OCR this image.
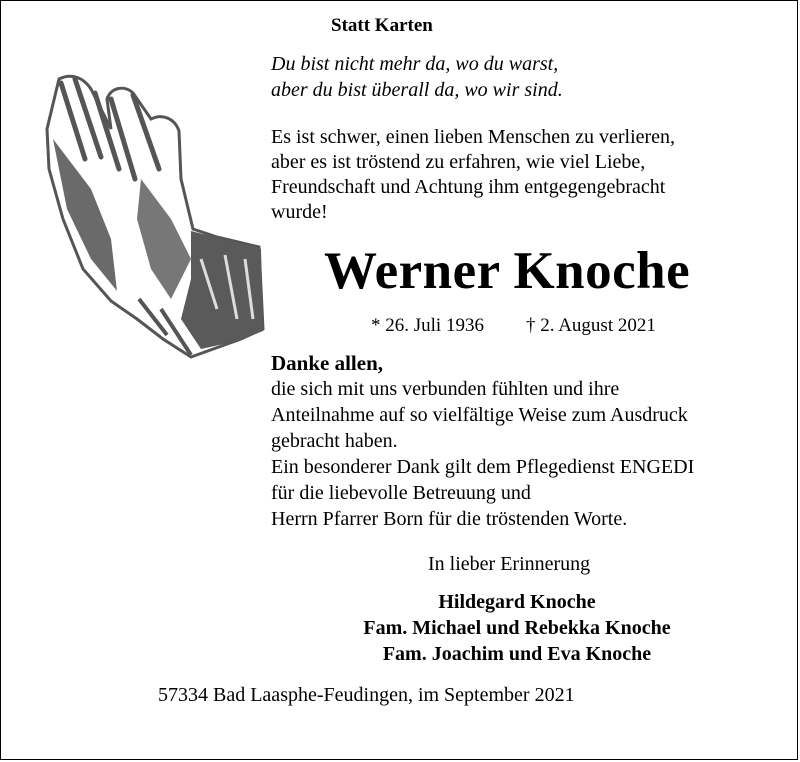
Statt Karten
Du bist nicht mehr da, wo du warst,
aber du bist überall da, wo wir sind.
Es ist schwer, einen lieben Menschen zu verlieren,
aber es ist tröstend zu erfahren, wie viel Liebe,
Freundschaft und Achtung ihm entgegengebracht
wurde!
Werner Knoche
* 26. Juli 1936 † 2. August 2021
Danke allen,
die sich mit uns verbunden fühlten und ihre
Anteilnahme auf so vielfältige Weise zum Ausdruck
gebracht haben.
Ein besonderer Dank gilt dem Pflegedienst ENGEDI
für die liebevolle Betreuung und
Herrn Pfarrer Born für die tröstenden Worte.
In lieber Erinnerung
Hildegard Knoche
Fam. Michael und Rebekka Knoche
Fam. Joachim und Eva Knoche
57334 Bad Laasphe-Feudingen, im September 2021
